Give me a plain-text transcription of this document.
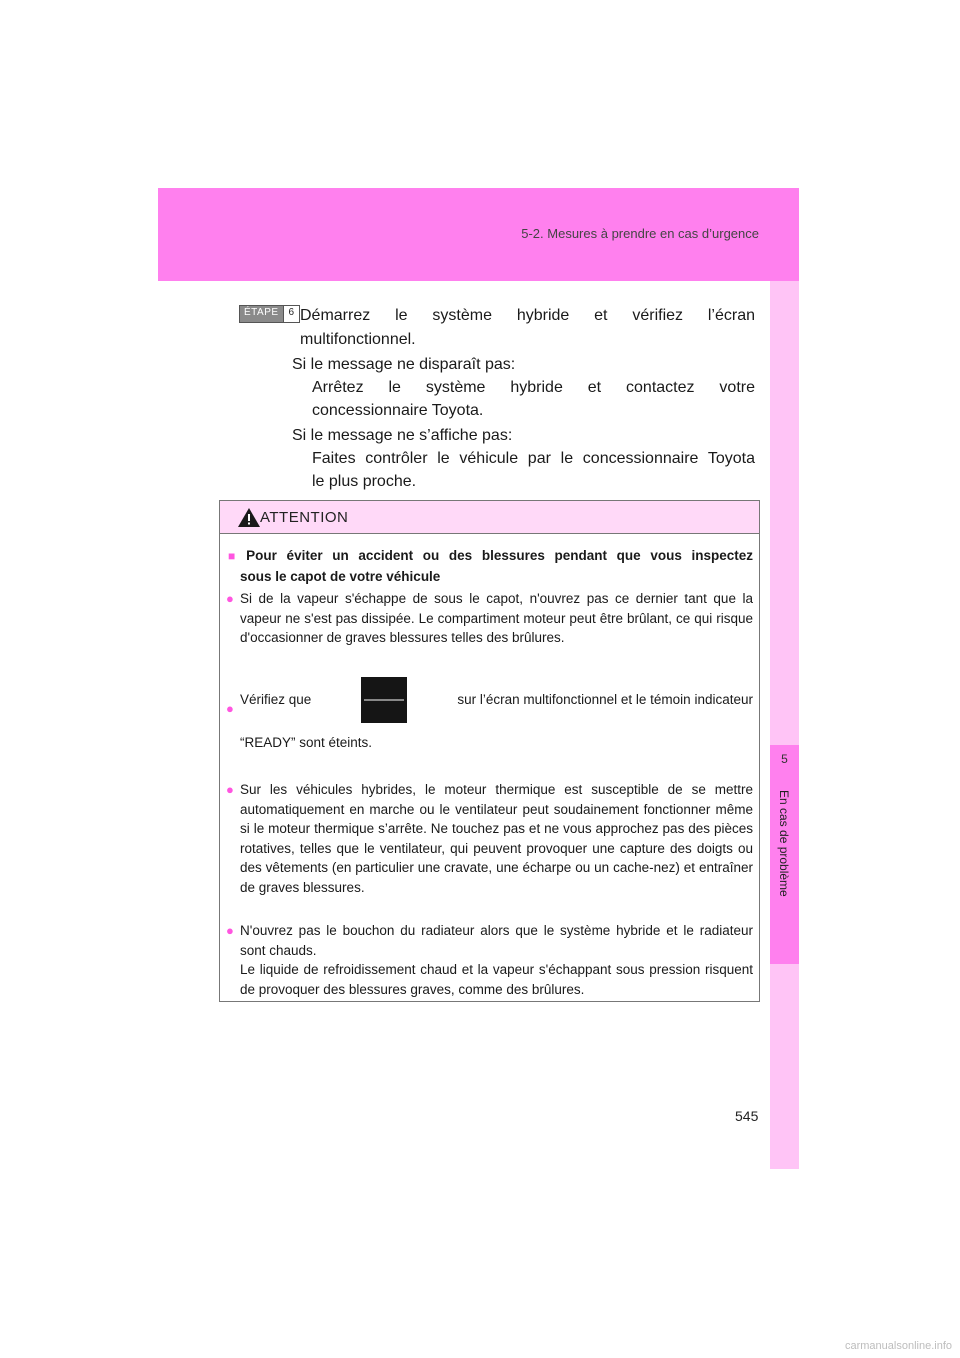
5-2. Mesures à prendre en cas d’urgence
5
En cas de problème
ÉTAPE	6 Démarrez le système hybride et vérifiez l’écran
multifonctionnel.
Si le message ne disparaît pas:
Arrêtez le système hybride et contactez votre
concessionnaire Toyota.
Si le message ne s’affiche pas:
Faites contrôler le véhicule par le concessionnaire Toyota
le plus proche.
ATTENTION
■ Pour éviter un accident ou des blessures pendant que vous inspectez
sous le capot de votre véhicule
● Si de la vapeur s'échappe de sous le capot, n'ouvrez pas ce dernier tant que la vapeur ne s'est pas dissipée. Le compartiment moteur peut être brûlant, ce qui risque d'occasionner de graves blessures telles des brûlures.
●
Vérifiez que	sur l’écran multifonctionnel et le témoin indicateur
“READY” sont éteints.
● Sur les véhicules hybrides, le moteur thermique est susceptible de se mettre automatiquement en marche ou le ventilateur peut soudainement fonctionner même si le moteur thermique s’arrête. Ne touchez pas et ne vous approchez pas des pièces rotatives, telles que le ventilateur, qui peuvent provoquer une capture des doigts ou des vêtements (en particulier une cravate, une écharpe ou un cache-nez) et entraîner de graves blessures.
● N'ouvrez pas le bouchon du radiateur alors que le système hybride et le radiateur sont chauds.
Le liquide de refroidissement chaud et la vapeur s'échappant sous pression risquent de provoquer des blessures graves, comme des brûlures.
545
carmanualsonline.info
